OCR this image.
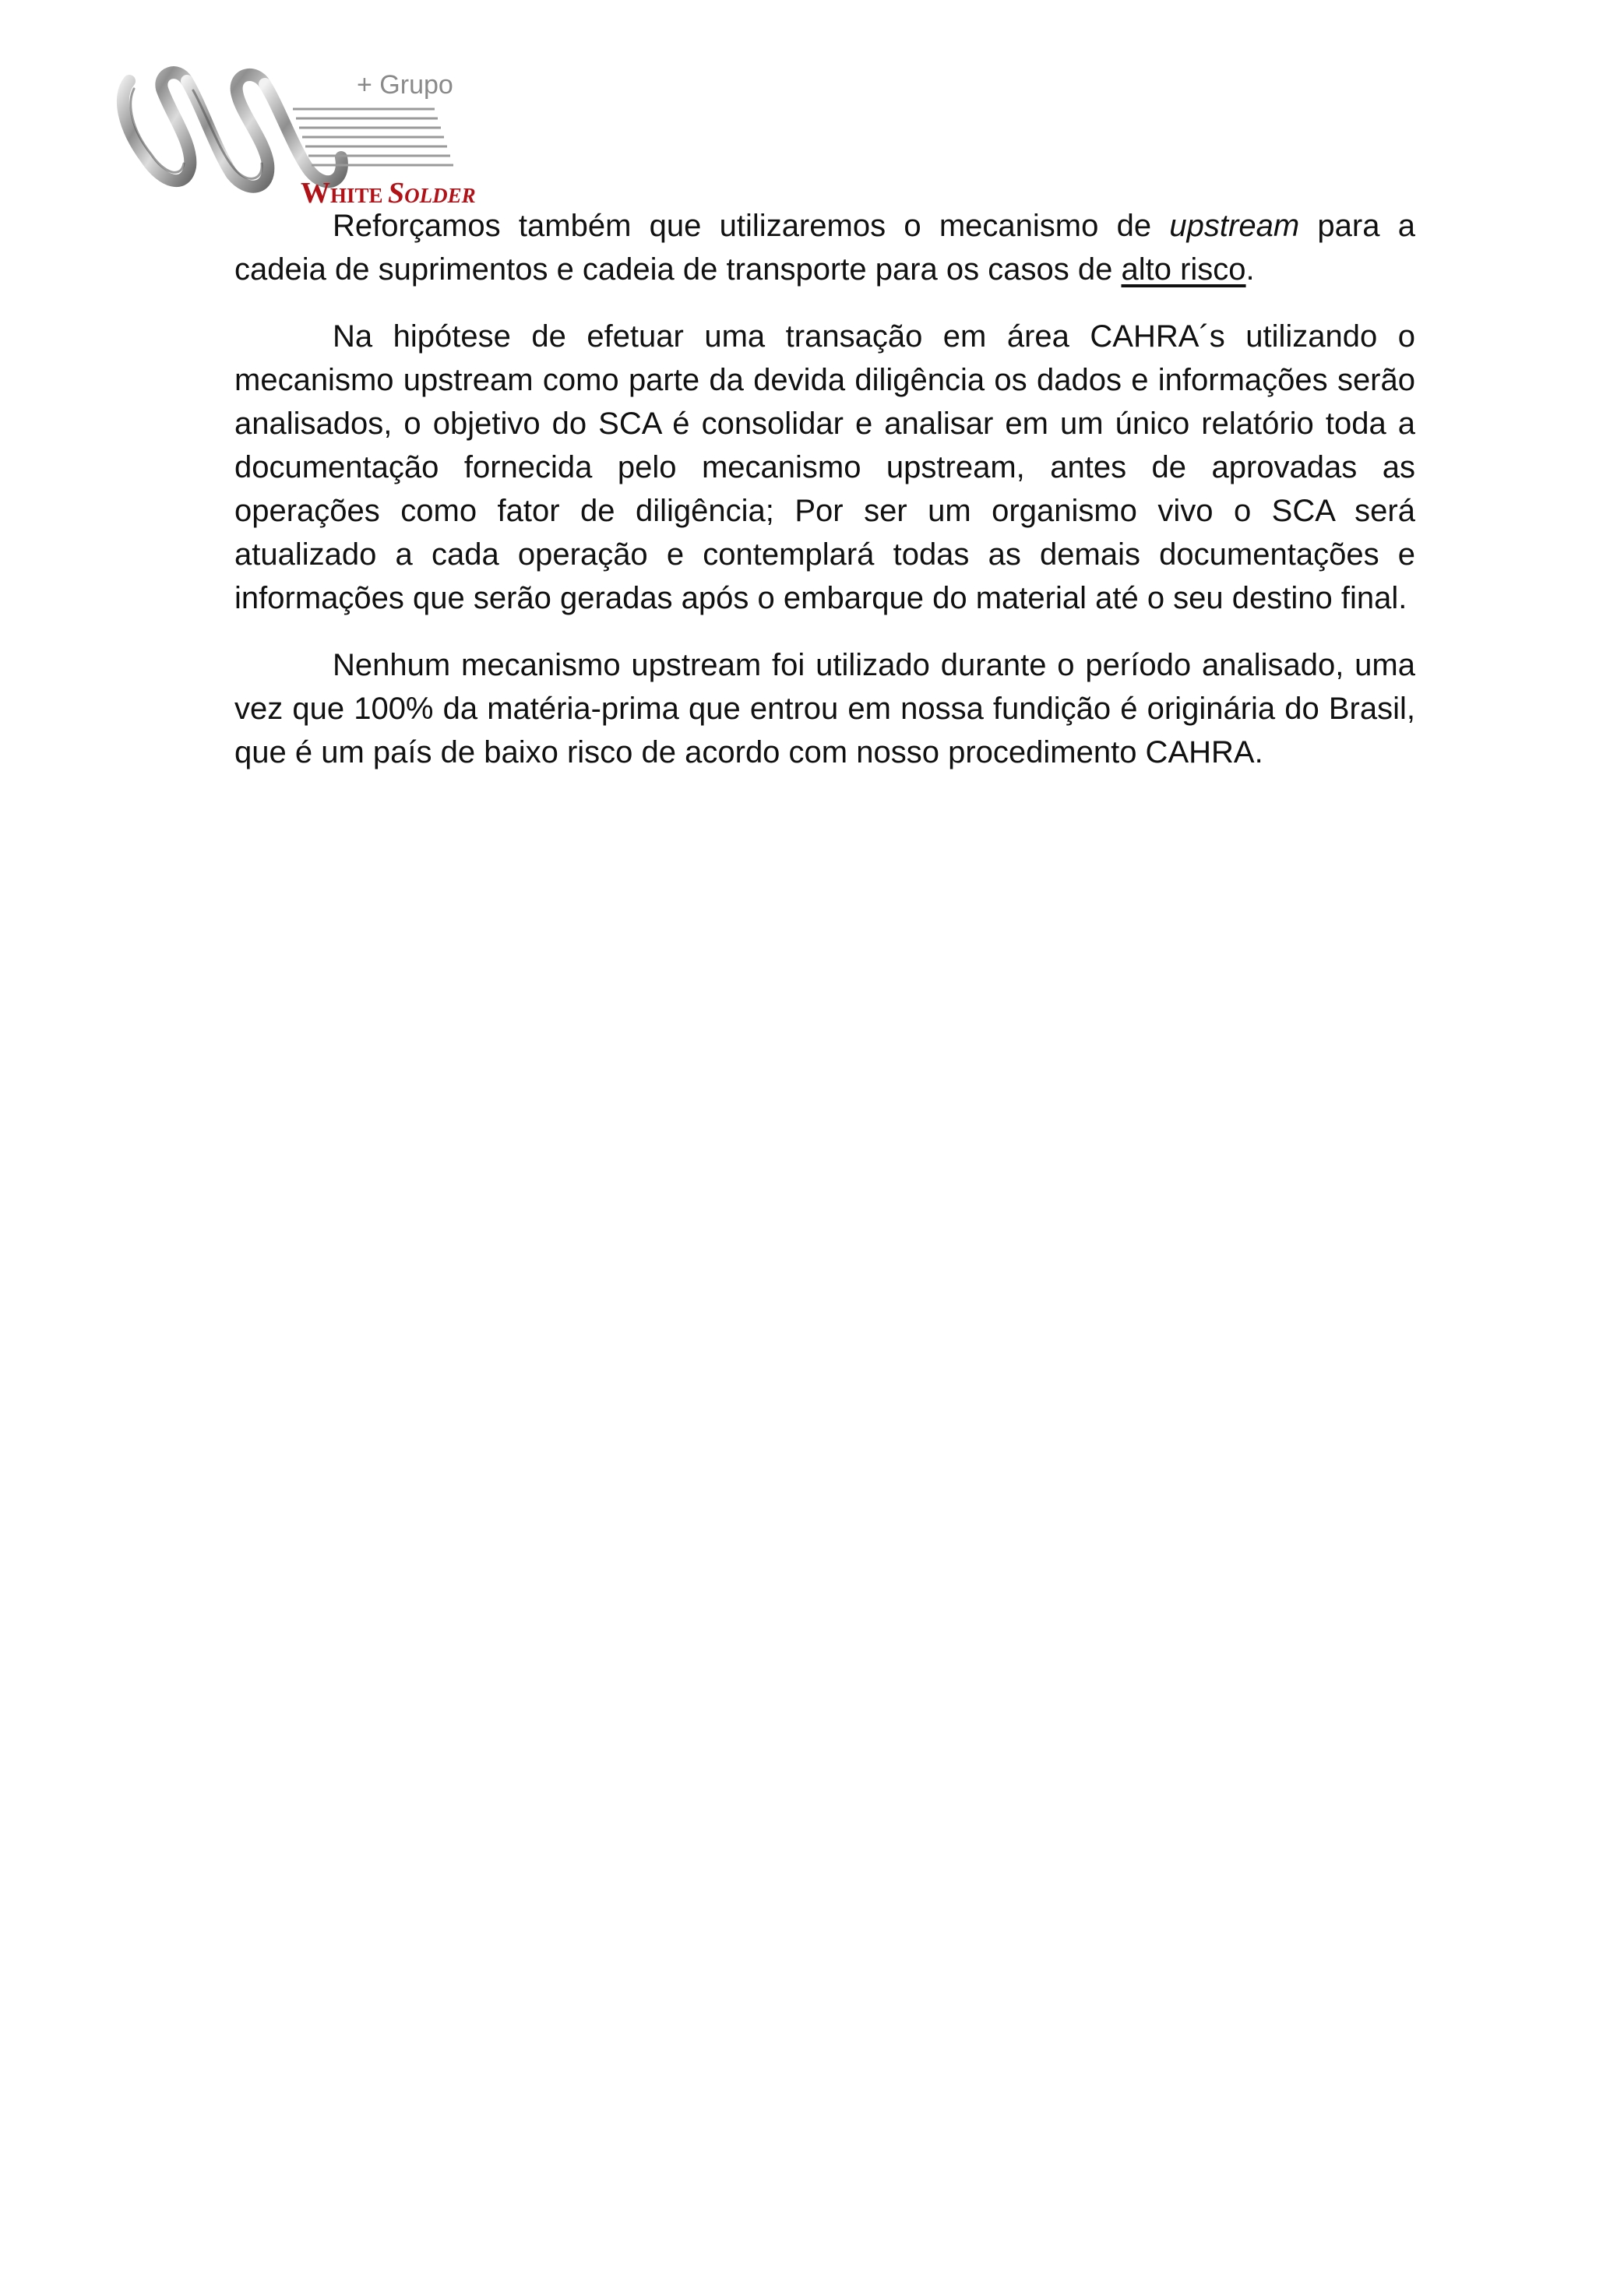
+ Grupo
White Solder

Reforçamos também que utilizaremos o mecanismo de upstream para a cadeia de suprimentos e cadeia de transporte para os casos de alto risco.

Na hipótese de efetuar uma transação em área CAHRA´s utilizando o mecanismo upstream como parte da devida diligência os dados e informações serão analisados, o objetivo do SCA é consolidar e analisar em um único relatório toda a documentação fornecida pelo mecanismo upstream, antes de aprovadas as operações como fator de diligência; Por ser um organismo vivo o SCA será atualizado a cada operação e contemplará todas as demais documentações e informações que serão geradas após o embarque do material até o seu destino final.

Nenhum mecanismo upstream foi utilizado durante o período analisado, uma vez que 100% da matéria-prima que entrou em nossa fundição é originária do Brasil, que é um país de baixo risco de acordo com nosso procedimento CAHRA.
